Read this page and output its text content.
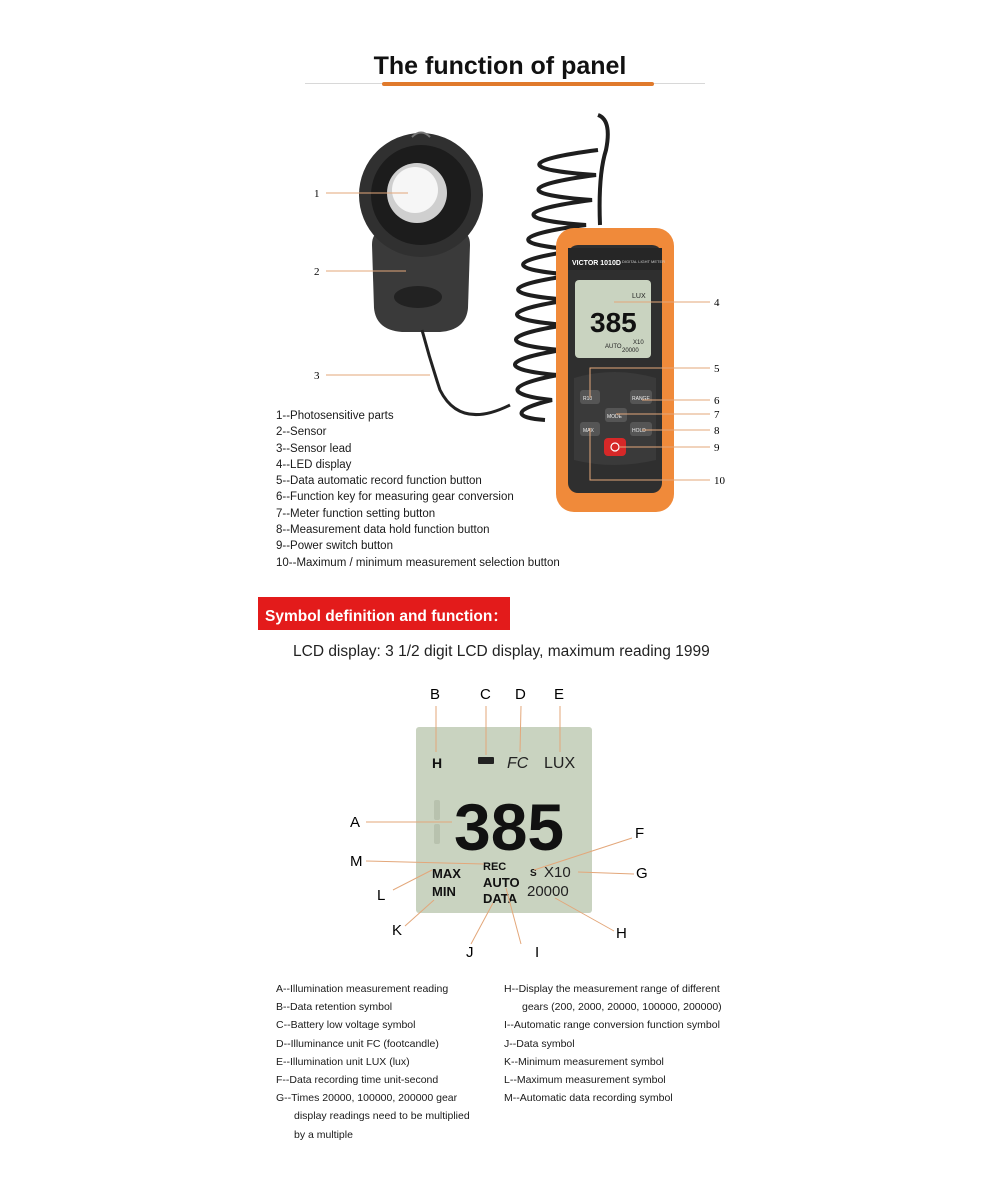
The function of panel
VICTOR 1010D DIGITAL LIGHT METER
LUX
385
AUTO
X10
20000
R10	RANGE
MODE
MAX	HOLD
1
2
3
4
5
6
7
8
9
10
1--Photosensitive parts
2--Sensor
3--Sensor lead
4--LED display
5--Data automatic record function button
6--Function key for measuring gear conversion
7--Meter function setting button
8--Measurement data hold function button
9--Power switch button
10--Maximum / minimum measurement selection button
Symbol definition and function：
LCD display: 3 1/2 digit LCD display, maximum reading 1999
H	FC LUX
385
MAX
MIN
REC
AUTO
DATA
S X10
20000
B	C D E
A
M
L
K
F
G
H
J	I
A--Illumination measurement reading
B--Data retention symbol
C--Battery low voltage symbol
D--Illuminance unit FC (footcandle)
E--Illumination unit LUX (lux)
F--Data recording time unit-second
G--Times 20000, 100000, 200000 gear
display readings need to be multiplied
by a multiple
H--Display the measurement range of different
gears (200, 2000, 20000, 100000, 200000)
I--Automatic range conversion function symbol
J--Data symbol
K--Minimum measurement symbol
L--Maximum measurement symbol
M--Automatic data recording symbol
